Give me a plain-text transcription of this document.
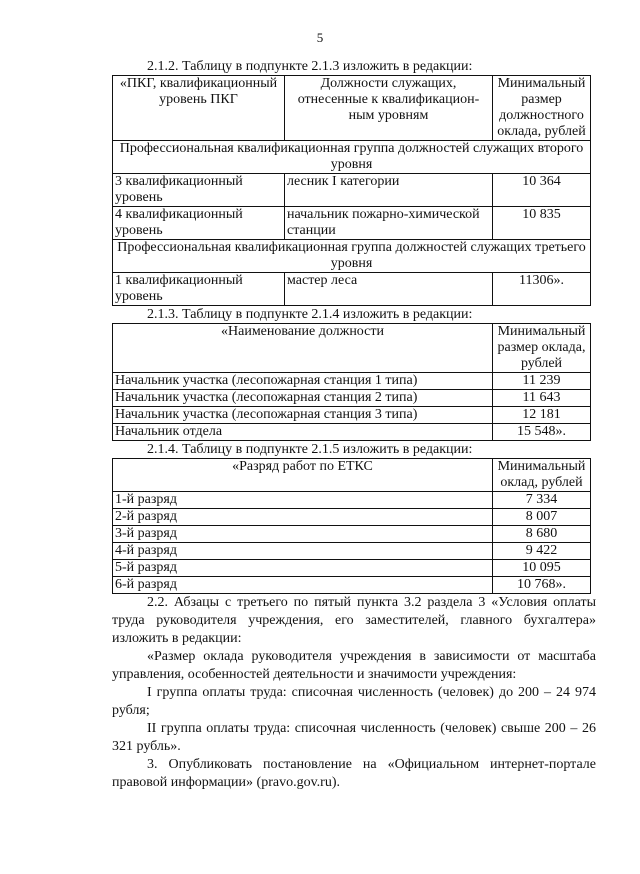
5

2.1.2. Таблицу в подпункте 2.1.3 изложить в редакции:

«ПКГ, квалификационный уровень ПКГ	Должности служащих, отнесенные к квалификацион-ным уровням	Минимальный размер должностного оклада, рублей
Профессиональная квалификационная группа должностей служащих второго уровня		
3 квалификационный уровень	лесник I категории	10 364
4 квалификационный уровень	начальник пожарно-химической станции	10 835
Профессиональная квалификационная группа должностей служащих третьего уровня		
1 квалификационный уровень	мастер леса	11306».

2.1.3. Таблицу в подпункте 2.1.4 изложить в редакции:

«Наименование должности	Минимальный размер оклада, рублей
Начальник участка (лесопожарная станция 1 типа)	11 239
Начальник участка (лесопожарная станция 2 типа)	11 643
Начальник участка (лесопожарная станция 3 типа)	12 181
Начальник отдела	15 548».

2.1.4. Таблицу в подпункте 2.1.5 изложить в редакции:

«Разряд работ по ЕТКС	Минимальный оклад, рублей
1-й разряд	7 334
2-й разряд	8 007
3-й разряд	8 680
4-й разряд	9 422
5-й разряд	10 095
6-й разряд	10 768».

2.2. Абзацы с третьего по пятый пункта 3.2 раздела 3 «Условия оплаты труда руководителя учреждения, его заместителей, главного бухгалтера» изложить в редакции:

«Размер оклада руководителя учреждения в зависимости от масштаба управления, особенностей деятельности и значимости учреждения:

I группа оплаты труда: списочная численность (человек) до 200 – 24 974 рубля;

II группа оплаты труда: списочная численность (человек) свыше 200 – 26 321 рубль».

3. Опубликовать постановление на «Официальном интернет-портале правовой информации» (pravo.gov.ru).
